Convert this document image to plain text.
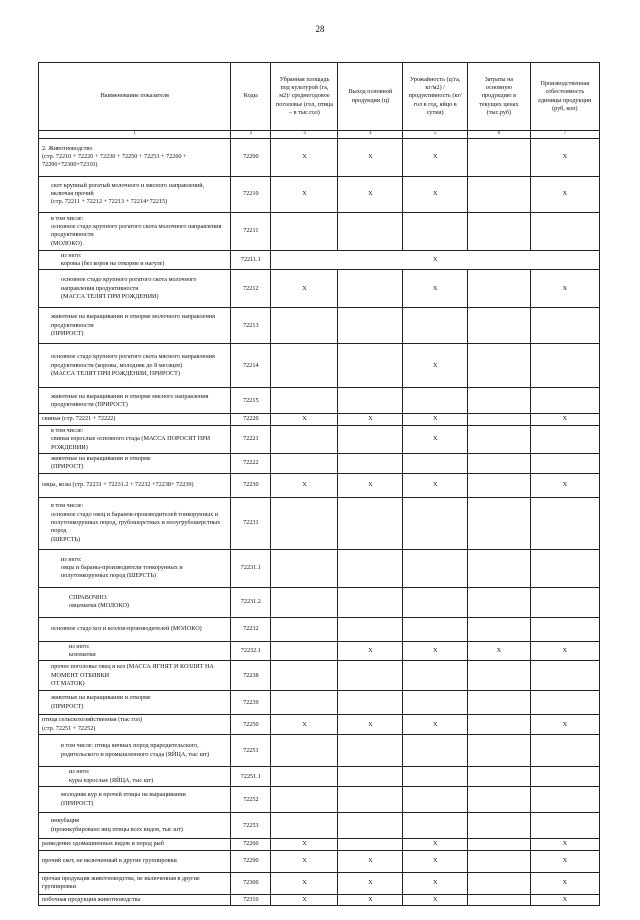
28
Наименование показателя	Коды	Убранная площадь под культурой (га, м2)/ среднегодовое поголовье (гол, птица – в тыс.гол)	Выход основной продукции (ц)	Урожайность (ц/га, кг/м2) / продуктивность (кг/гол в год, яйцо в сутки)	Затраты на основную продукцию в текущих ценах (тыс.руб)	Производственная себестоимость единицы продукции (руб, коп)
1	2	3	4	5	6	7
2. Животноводство
(стр. 72210 + 72220 + 72230 + 72250 + 72253 + 72260 + 72290+72300+72310)	72200	X	X	X		X
скот крупный рогатый молочного и мясного направлений, включая прочий
(стр. 72211 + 72212 + 72213 + 72214+72215)	72210	X	X	X		X
в том числе:
основное стадо крупного рогатого скота молочного направления продуктивности
(МОЛОКО)	72211					
из него:
коровы (без коров на откорме и нагуле)	72211.1	X				
основное стадо крупного рогатого скота молочного направления продуктивности
(МАССА ТЕЛЯТ ПРИ РОЖДЕНИИ)	72212	X		X		X
животные на выращивании и откорме молочного направления продуктивности
(ПРИРОСТ)	72213					
основное стадо крупного рогатого скота мясного направления продуктивности (коровы, молодняк до 8 месяцев)
(МАССА ТЕЛЯТ ПРИ РОЖДЕНИИ, ПРИРОСТ)	72214			X		
животные на выращивании и откорме мясного направления продуктивности (ПРИРОСТ)	72215					
свиньи (стр. 72221 + 72222)	72220	X	X	X		X
в том числе:
свиньи взрослые основного стада (МАССА ПОРОСЯТ ПРИ РОЖДЕНИИ)	72221			X		
животные на выращивании и откорме
(ПРИРОСТ)	72222					
овцы, козы (стр. 72231 + 72231.2 + 72232 +72238+ 72239)	72230	X	X	X		X
в том числе:
основное стадо овец и баранов-производителей тонкорунных и полутонкорунных пород, грубошерстных и полугрубошерстных пород
(ШЕРСТЬ)	72231					
из него:
овцы и бараны-производители тонкорунных и полутонкорунных пород (ШЕРСТЬ)	72231.1					
СПРАВОЧНО:
овцематки (МОЛОКО)	72231.2					
основное стадо коз и козлов-производителей (МОЛОКО)	72232					
из него:
козоматки	72232.1		X	X	X	X
прочее поголовье овец и коз (МАССА ЯГНЯТ И КОЗЛЯТ НА МОМЕНТ ОТБИВКИ
ОТ МАТОК)	72238					
животные на выращивании и откорме
(ПРИРОСТ)	72239					
птица сельскохозяйственная (тыс гол)
(стр. 72251 + 72252)	72250	X	X	X		X
в том числе: птица яичных пород прародительского, родительского и промышленного стада (ЯЙЦА, тыс шт)	72251					
из него:
куры взрослые (ЯЙЦА, тыс шт)	72251.1					
молодняк кур и прочей птицы на выращивании
(ПРИРОСТ)	72252					
инкубация
(проинкубировано яиц птицы всех видов, тыс шт)	72253					
разведение одомашненных видов и пород рыб	72260	X		X		X
прочий скот, не включенный в другие группировки	72290	X	X	X		X
прочая продукция животноводства, не включенная в другие группировки	72300	X	X	X		X
побочная продукция животноводства	72310	X	X	X		X
